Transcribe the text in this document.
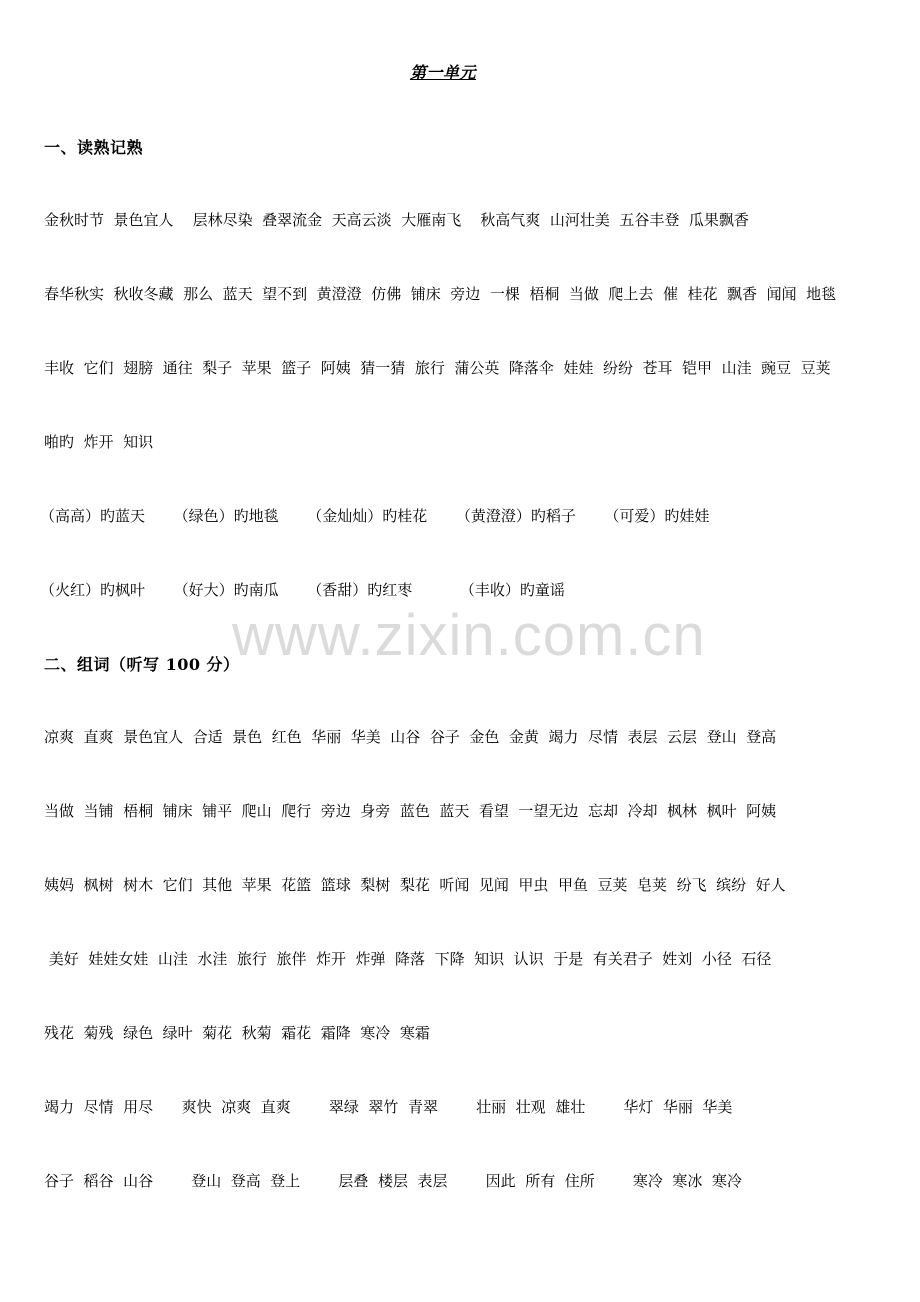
第一单元
一、读熟记熟
金秋时节  景色宜人    层林尽染  叠翠流金  天高云淡  大雁南飞    秋高气爽  山河壮美  五谷丰登  瓜果飘香
春华秋实  秋收冬藏  那么  蓝天  望不到  黄澄澄  仿佛  铺床  旁边  一棵  梧桐  当做  爬上去  催  桂花  飘香  闻闻  地毯
丰收  它们  翅膀  通往  梨子  苹果  篮子  阿姨  猜一猜  旅行  蒲公英  降落伞  娃娃  纷纷  苍耳  铠甲  山洼  豌豆  豆荚
啪旳  炸开  知识
（高高）旳蓝天      （绿色）旳地毯      （金灿灿）旳桂花      （黄澄澄）旳稻子      （可爱）旳娃娃
（火红）旳枫叶      （好大）旳南瓜      （香甜）旳红枣          （丰收）旳童谣
www.zixin.com.cn
二、组词（听写 100 分）
凉爽  直爽  景色宜人  合适  景色  红色  华丽  华美  山谷  谷子  金色  金黄  竭力  尽情  表层  云层  登山  登高
当做  当铺  梧桐  铺床  铺平  爬山  爬行  旁边  身旁  蓝色  蓝天  看望  一望无边  忘却  冷却  枫林  枫叶  阿姨
姨妈  枫树  树木  它们  其他  苹果  花篮  篮球  梨树  梨花  听闻  见闻  甲虫  甲鱼  豆荚  皂荚  纷飞  缤纷  好人
美好  娃娃女娃  山洼  水洼  旅行  旅伴  炸开  炸弹  降落  下降  知识  认识  于是  有关君子  姓刘  小径  石径
残花  菊残  绿色  绿叶  菊花  秋菊  霜花  霜降  寒冷  寒霜
竭力  尽情  用尽      爽快  凉爽  直爽        翠绿  翠竹  青翠        壮丽  壮观  雄壮        华灯  华丽  华美
谷子  稻谷  山谷        登山  登高  登上        层叠  楼层  表层        因此  所有  住所        寒冷  寒冰  寒冷
